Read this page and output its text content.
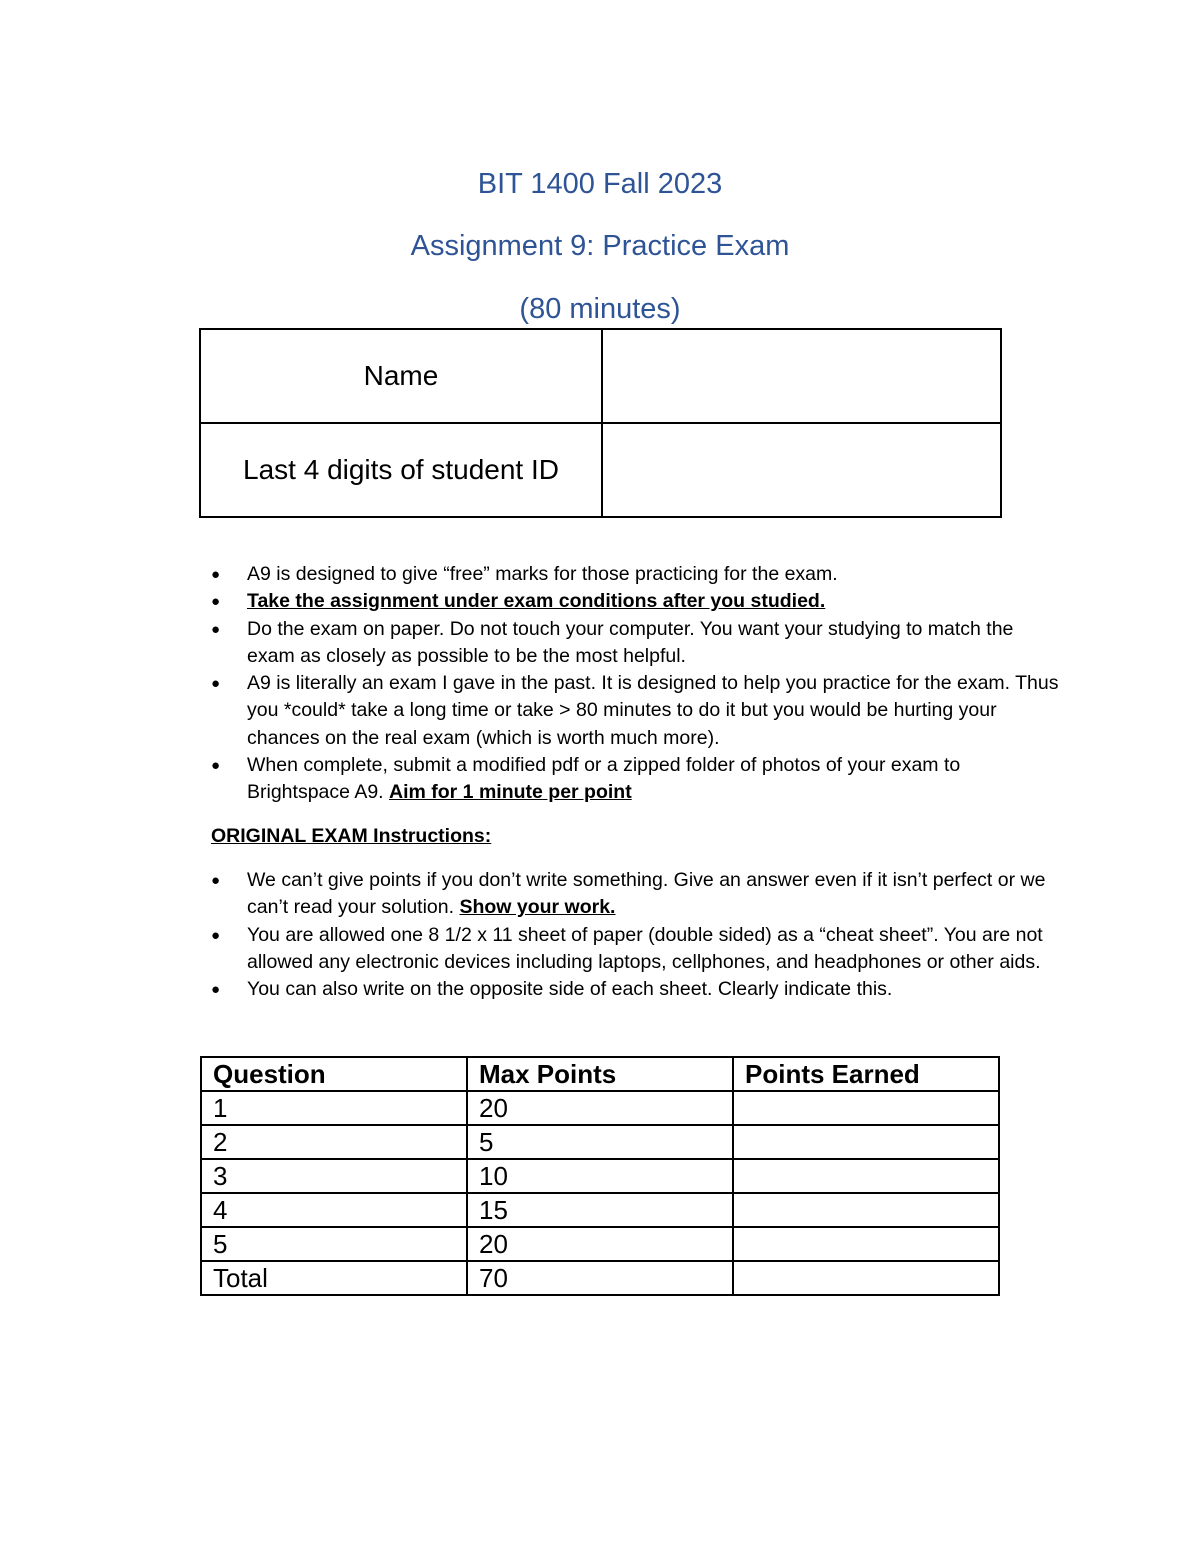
BIT 1400 Fall 2023
Assignment 9: Practice Exam
(80 minutes)
Name	
Last 4 digits of student ID	
● A9 is designed to give “free” marks for those practicing for the exam.
● Take the assignment under exam conditions after you studied.
● Do the exam on paper. Do not touch your computer. You want your studying to match the exam as closely as possible to be the most helpful.
● A9 is literally an exam I gave in the past. It is designed to help you practice for the exam. Thus you *could* take a long time or take > 80 minutes to do it but you would be hurting your chances on the real exam (which is worth much more).
● When complete, submit a modified pdf or a zipped folder of photos of your exam to Brightspace A9. Aim for 1 minute per point
ORIGINAL EXAM Instructions:
● We can’t give points if you don’t write something. Give an answer even if it isn’t perfect or we can’t read your solution. Show your work.
● You are allowed one 8 1/2 x 11 sheet of paper (double sided) as a “cheat sheet”. You are not allowed any electronic devices including laptops, cellphones, and headphones or other aids.
● You can also write on the opposite side of each sheet. Clearly indicate this.
Question	Max Points	Points Earned
1	20	
2	5	
3	10	
4	15	
5	20	
Total	70	
